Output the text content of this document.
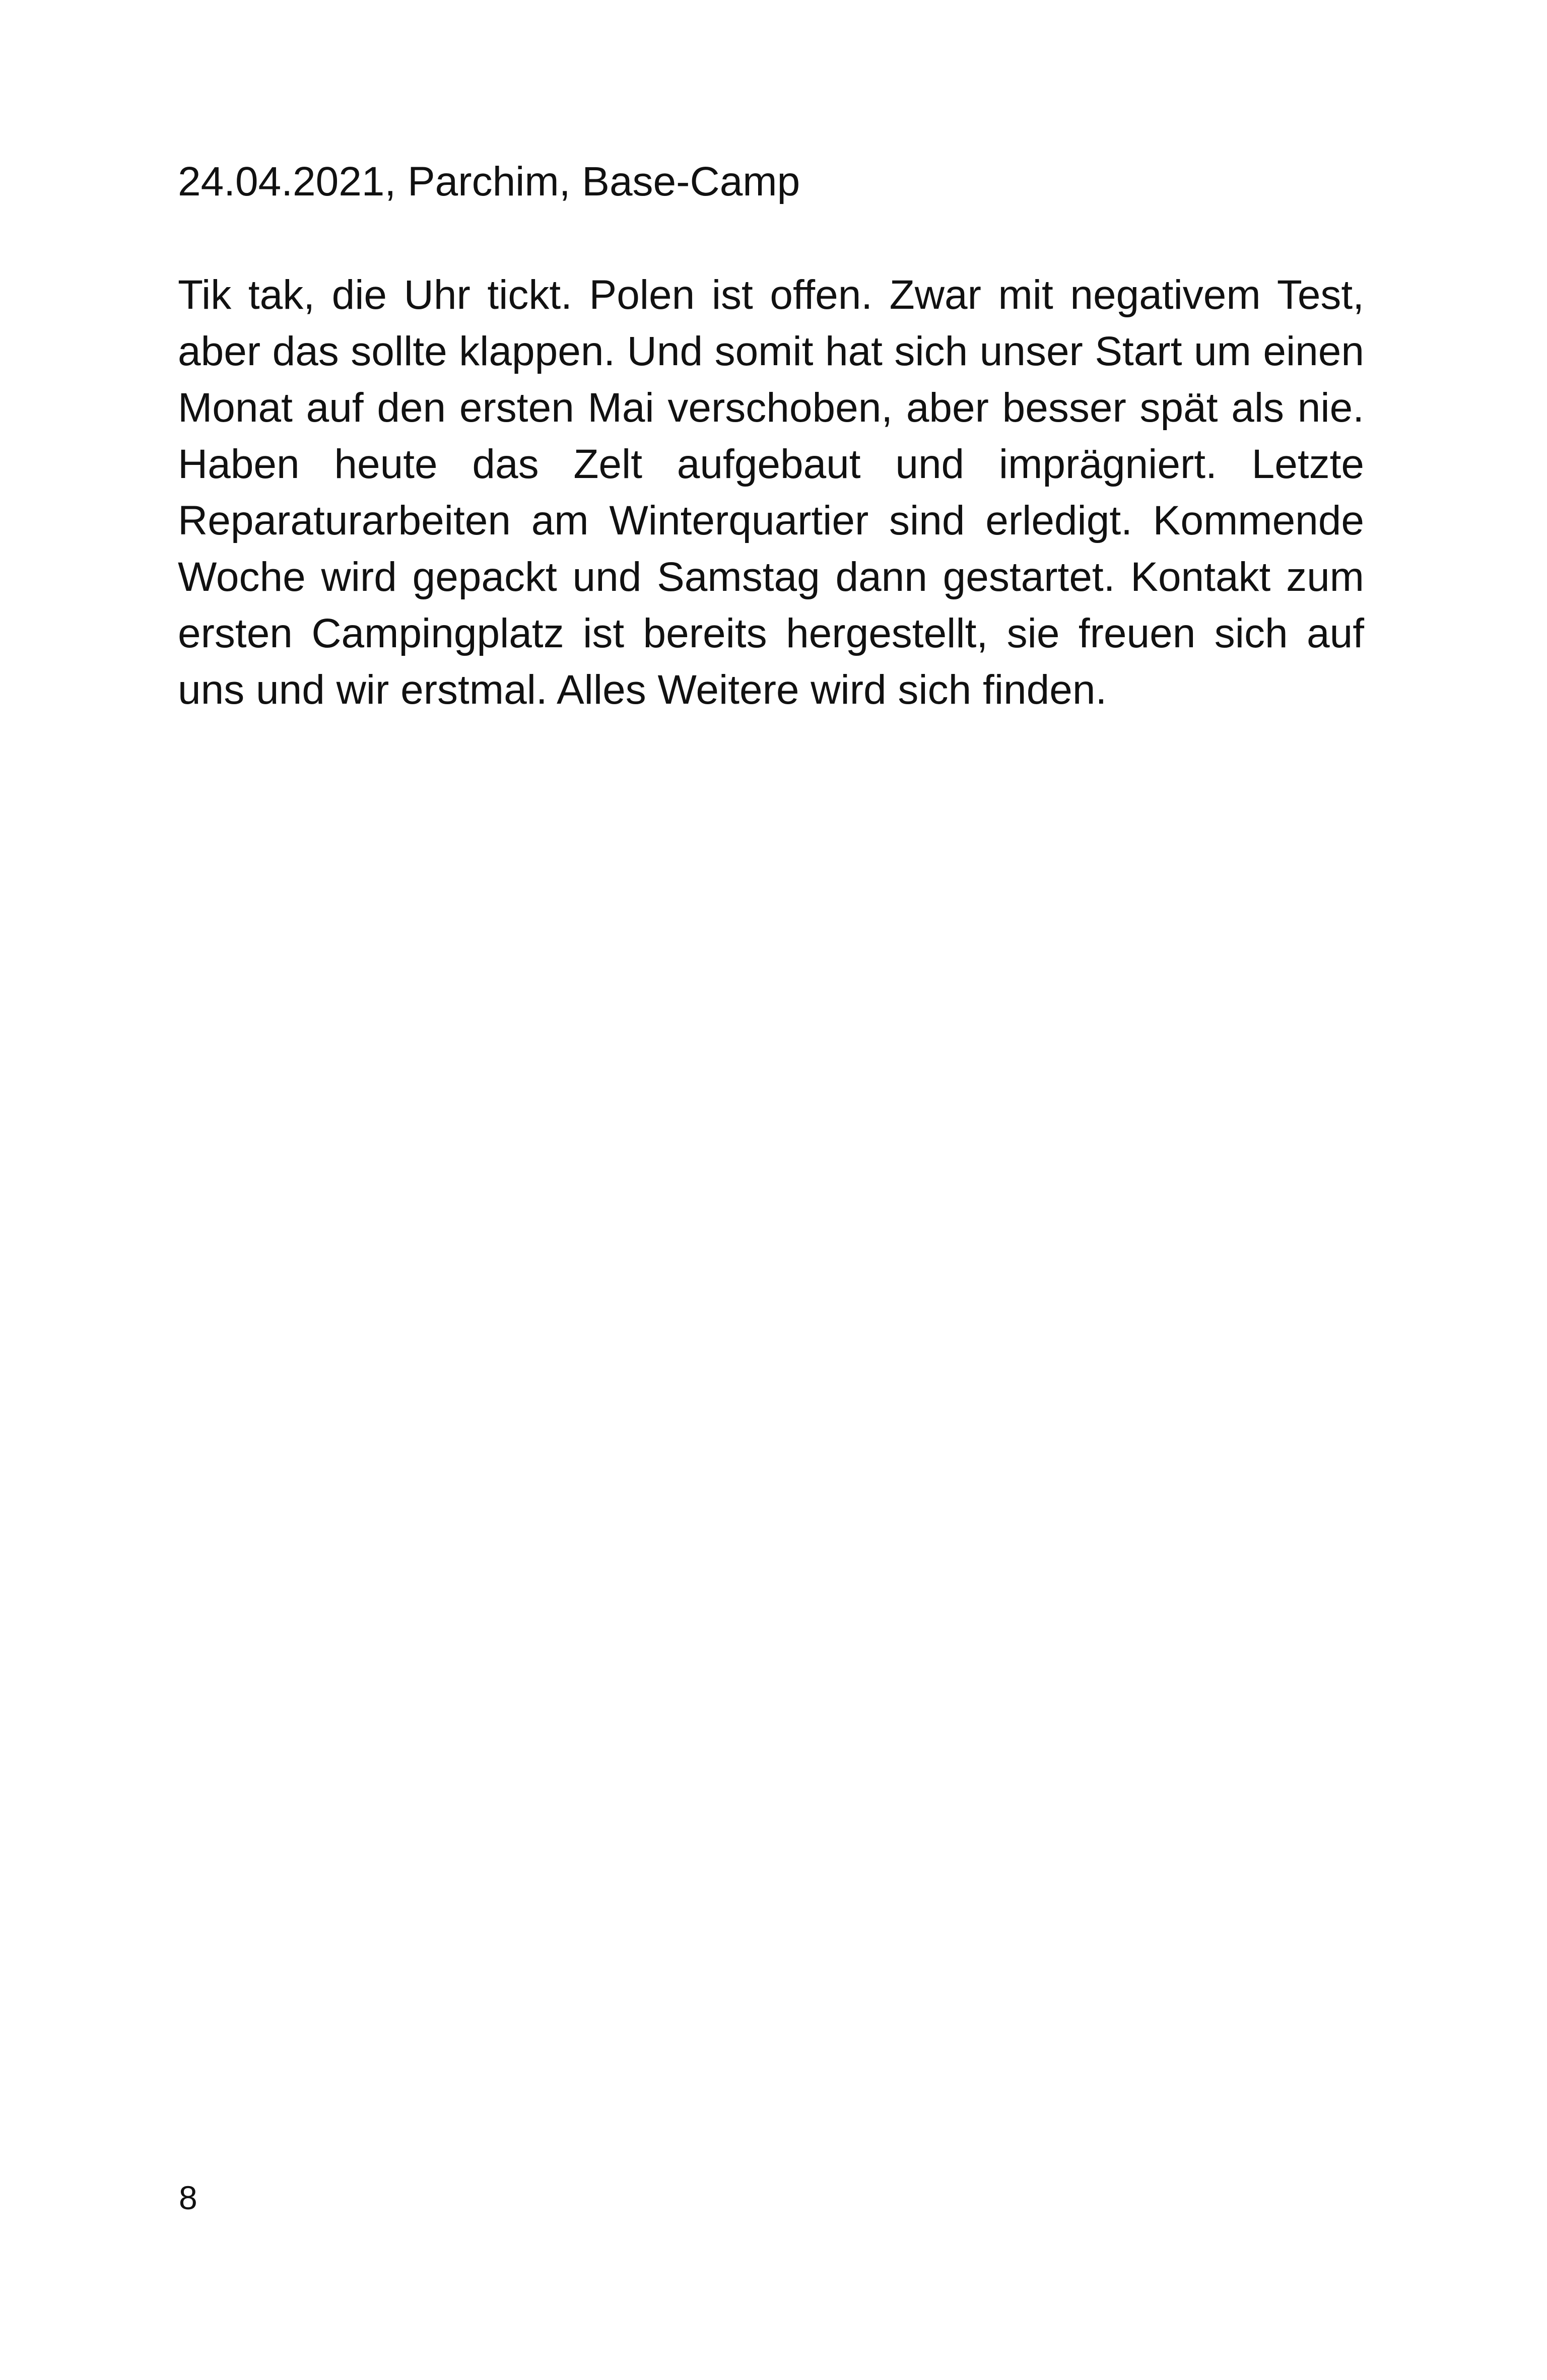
24.04.2021, Parchim, Base-Camp

Tik tak, die Uhr tickt. Polen ist offen. Zwar mit negativem Test, aber das sollte klappen. Und somit hat sich unser Start um einen Monat auf den ersten Mai verschoben, aber besser spät als nie. Haben heute das Zelt aufgebaut und imprägniert. Letzte Reparaturarbeiten am Winterquartier sind erledigt. Kommende Woche wird gepackt und Samstag dann gestartet. Kontakt zum ersten Campingplatz ist bereits hergestellt, sie freuen sich auf uns und wir erstmal. Alles Weitere wird sich finden.

8
